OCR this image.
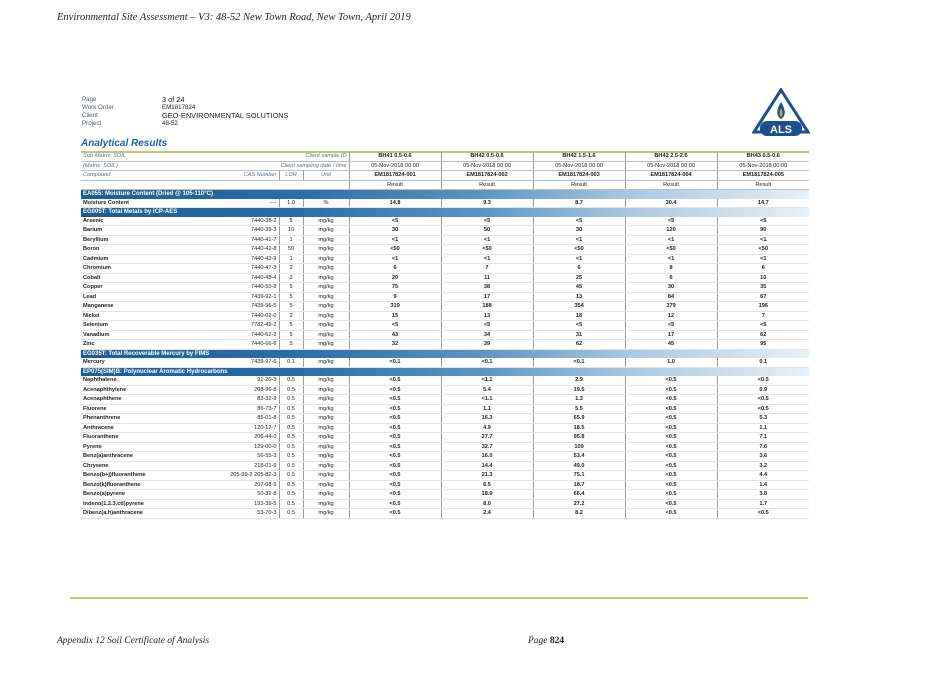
Environmental Site Assessment – V3: 48-52 New Town Road, New Town, April 2019
Page	3 of 24
Work Order	EM1817824
Client	GEO-ENVIRONMENTAL SOLUTIONS
Project	48-52
ALS
Analytical Results
Sub-Matrix: SOIL	Client sample ID			BH41 0.5-0.6	BH42 0.5-0.6	BH42 1.5-1.6	BH42 2.5-2.6	BH43 0.5-0.6
(Matrix: SOIL)	Client sampling date / time			05-Nov-2018 00:00	05-Nov-2018 00:00	05-Nov-2018 00:00	05-Nov-2018 00:00	05-Nov-2018 00:00
Compound	CAS Number	LOR	Unit	EM1817824-001	EM1817824-002	EM1817824-003	EM1817824-004	EM1817824-005
				Result	Result	Result	Result	Result
EA055: Moisture Content (Dried @ 105-110°C)								
Moisture Content	----	1.0	%	14.8	9.3	8.7	30.4	14.7
EG005T: Total Metals by ICP-AES								
Arsenic	7440-38-2	5	mg/kg	<5	<5	<5	<5	<5
Barium	7440-39-3	10	mg/kg	30	50	30	120	90
Beryllium	7440-41-7	1	mg/kg	<1	<1	<1	<1	<1
Boron	7440-42-8	50	mg/kg	<50	<50	<50	<50	<50
Cadmium	7440-43-9	1	mg/kg	<1	<1	<1	<1	<1
Chromium	7440-47-3	2	mg/kg	6	7	6	8	6
Cobalt	7440-48-4	2	mg/kg	20	11	25	6	10
Copper	7440-50-8	5	mg/kg	75	38	45	30	35
Lead	7439-92-1	5	mg/kg	9	17	13	84	67
Manganese	7439-96-5	5	mg/kg	319	188	354	379	196
Nickel	7440-02-0	2	mg/kg	15	13	18	12	7
Selenium	7782-49-2	5	mg/kg	<5	<5	<5	<5	<5
Vanadium	7440-62-2	5	mg/kg	43	34	31	17	62
Zinc	7440-66-6	5	mg/kg	32	39	62	45	95
EG035T: Total Recoverable Mercury by FIMS								
Mercury	7439-97-6	0.1	mg/kg	<0.1	<0.1	<0.1	1.0	0.1
EP075(SIM)B: Polynuclear Aromatic Hydrocarbons								
Naphthalene	91-20-3	0.5	mg/kg	<0.5	<1.1	2.9	<0.5	<0.5
Acenaphthylene	208-96-8	0.5	mg/kg	<0.5	5.4	19.5	<0.5	0.9
Acenaphthene	83-32-9	0.5	mg/kg	<0.5	<1.1	1.3	<0.5	<0.5
Fluorene	86-73-7	0.5	mg/kg	<0.5	1.1	5.5	<0.5	<0.5
Phenanthrene	85-01-8	0.5	mg/kg	<0.5	16.3	65.9	<0.5	5.3
Anthracene	120-12-7	0.5	mg/kg	<0.5	4.9	18.5	<0.5	1.1
Fluoranthene	206-44-0	0.5	mg/kg	<0.5	27.7	95.8	<0.5	7.1
Pyrene	129-00-0	0.5	mg/kg	<0.5	32.7	109	<0.5	7.6
Benz(a)anthracene	56-55-3	0.5	mg/kg	<0.5	16.0	53.4	<0.5	3.6
Chrysene	218-01-9	0.5	mg/kg	<0.5	14.4	49.0	<0.5	3.2
Benzo(b+j)fluoranthene	205-99-2 205-82-3	0.5	mg/kg	<0.5	21.3	75.1	<0.5	4.4
Benzo(k)fluoranthene	207-08-9	0.5	mg/kg	<0.5	6.5	18.7	<0.5	1.4
Benzo(a)pyrene	50-32-8	0.5	mg/kg	<0.5	18.9	66.4	<0.5	3.8
Indeno(1.2.3.cd)pyrene	193-39-5	0.5	mg/kg	<0.5	8.0	27.2	<0.5	1.7
Dibenz(a.h)anthracene	53-70-3	0.5	mg/kg	<0.5	2.4	8.2	<0.5	<0.5
Appendix 12 Soil Certificate of Analysis	Page 824
